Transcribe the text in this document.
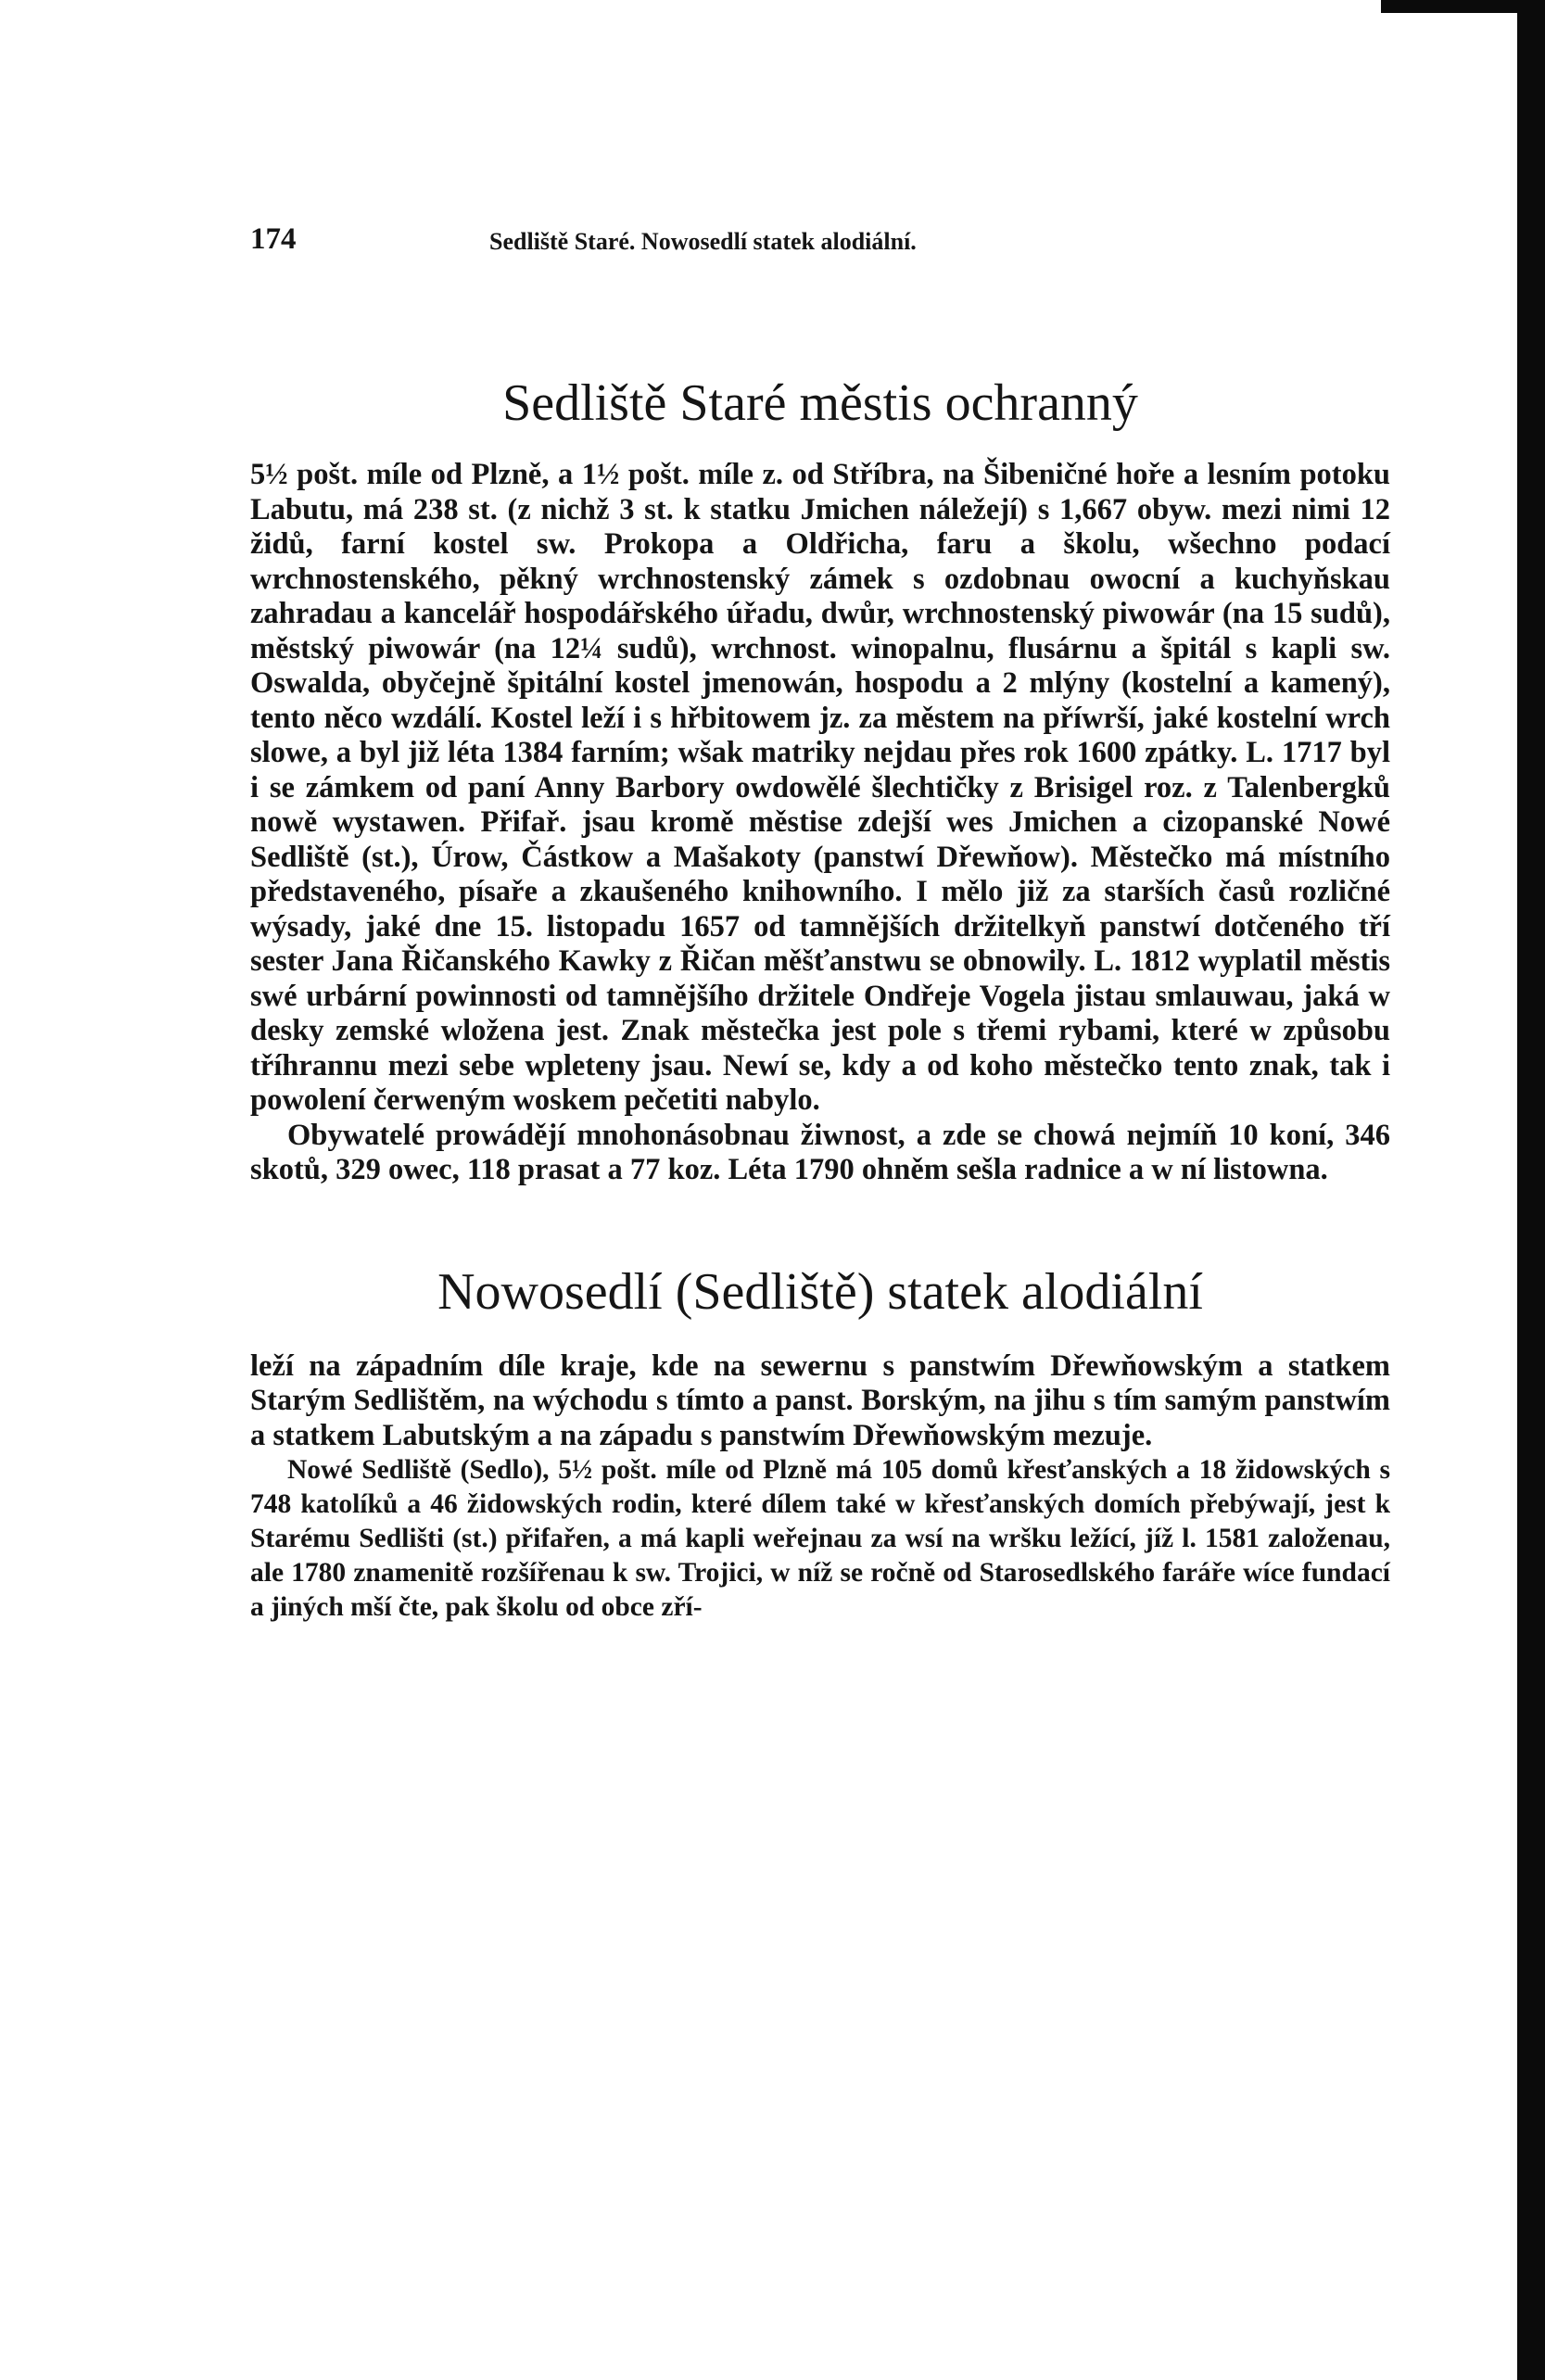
174	Sedliště Staré. Nowosedlí statek alodiální.
Sedliště Staré městis ochranný

5½ pošt. míle od Plzně, a 1½ pošt. míle z. od Stříbra, na Šibeničné hoře a lesním potoku Labutu, má 238 st. (z nichž 3 st. k statku Jmichen náležejí) s 1,667 obyw. mezi nimi 12 židů, farní kostel sw. Prokopa a Oldřicha, faru a školu, wšechno podací wrchnostenského, pěkný wrchnostenský zámek s ozdobnau owocní a kuchyňskau zahradau a kancelář hospodářského úřadu, dwůr, wrchnostenský piwowár (na 15 sudů), městský piwowár (na 12¼ sudů), wrchnost. winopalnu, flusárnu a špitál s kapli sw. Oswalda, obyčejně špitální kostel jmenowán, hospodu a 2 mlýny (kostelní a kamený), tento něco wzdálí. Kostel leží i s hřbitowem jz. za městem na příwrší, jaké kostelní wrch slowe, a byl již léta 1384 farním; wšak matriky nejdau přes rok 1600 zpátky. L. 1717 byl i se zámkem od paní Anny Barbory owdowělé šlechtičky z Brisigel roz. z Talenbergků nowě wystawen. Přifař. jsau kromě městise zdejší wes Jmichen a cizopanské Nowé Sedliště (st.), Úrow, Částkow a Mašakoty (panstwí Dřewňow). Městečko má místního představeného, písaře a zkaušeného knihowního. I mělo již za starších časů rozličné wýsady, jaké dne 15. listopadu 1657 od tamnějších držitelkyň panstwí dotčeného tří sester Jana Řičanského Kawky z Řičan měšťanstwu se obnowily. L. 1812 wyplatil městis swé urbární powinnosti od tamnějšího držitele Ondřeje Vogela jistau smlauwau, jaká w desky zemské wložena jest. Znak městečka jest pole s třemi rybami, které w způsobu tříhrannu mezi sebe wpleteny jsau. Newí se, kdy a od koho městečko tento znak, tak i powolení čerweným woskem pečetiti nabylo.

Obywatelé prowádějí mnohonásobnau žiwnost, a zde se chowá nejmíň 10 koní, 346 skotů, 329 owec, 118 prasat a 77 koz. Léta 1790 ohněm sešla radnice a w ní listowna.

Nowosedlí (Sedliště) statek alodiální

leží na západním díle kraje, kde na sewernu s panstwím Dřewňowským a statkem Starým Sedlištěm, na wýchodu s tímto a panst. Borským, na jihu s tím samým panstwím a statkem Labutským a na západu s panstwím Dřewňowským mezuje.

Nowé Sedliště (Sedlo), 5½ pošt. míle od Plzně má 105 domů křesťanských a 18 židowských s 748 katolíků a 46 židowských rodin, které dílem také w křesťanských domích přebýwají, jest k Starému Sedlišti (st.) přifařen, a má kapli weřejnau za wsí na wršku ležící, jíž l. 1581 založenau, ale 1780 znamenitě rozšířenau k sw. Trojici, w níž se ročně od Starosedlského faráře wíce fundací a jiných mší čte, pak školu od obce zří-
